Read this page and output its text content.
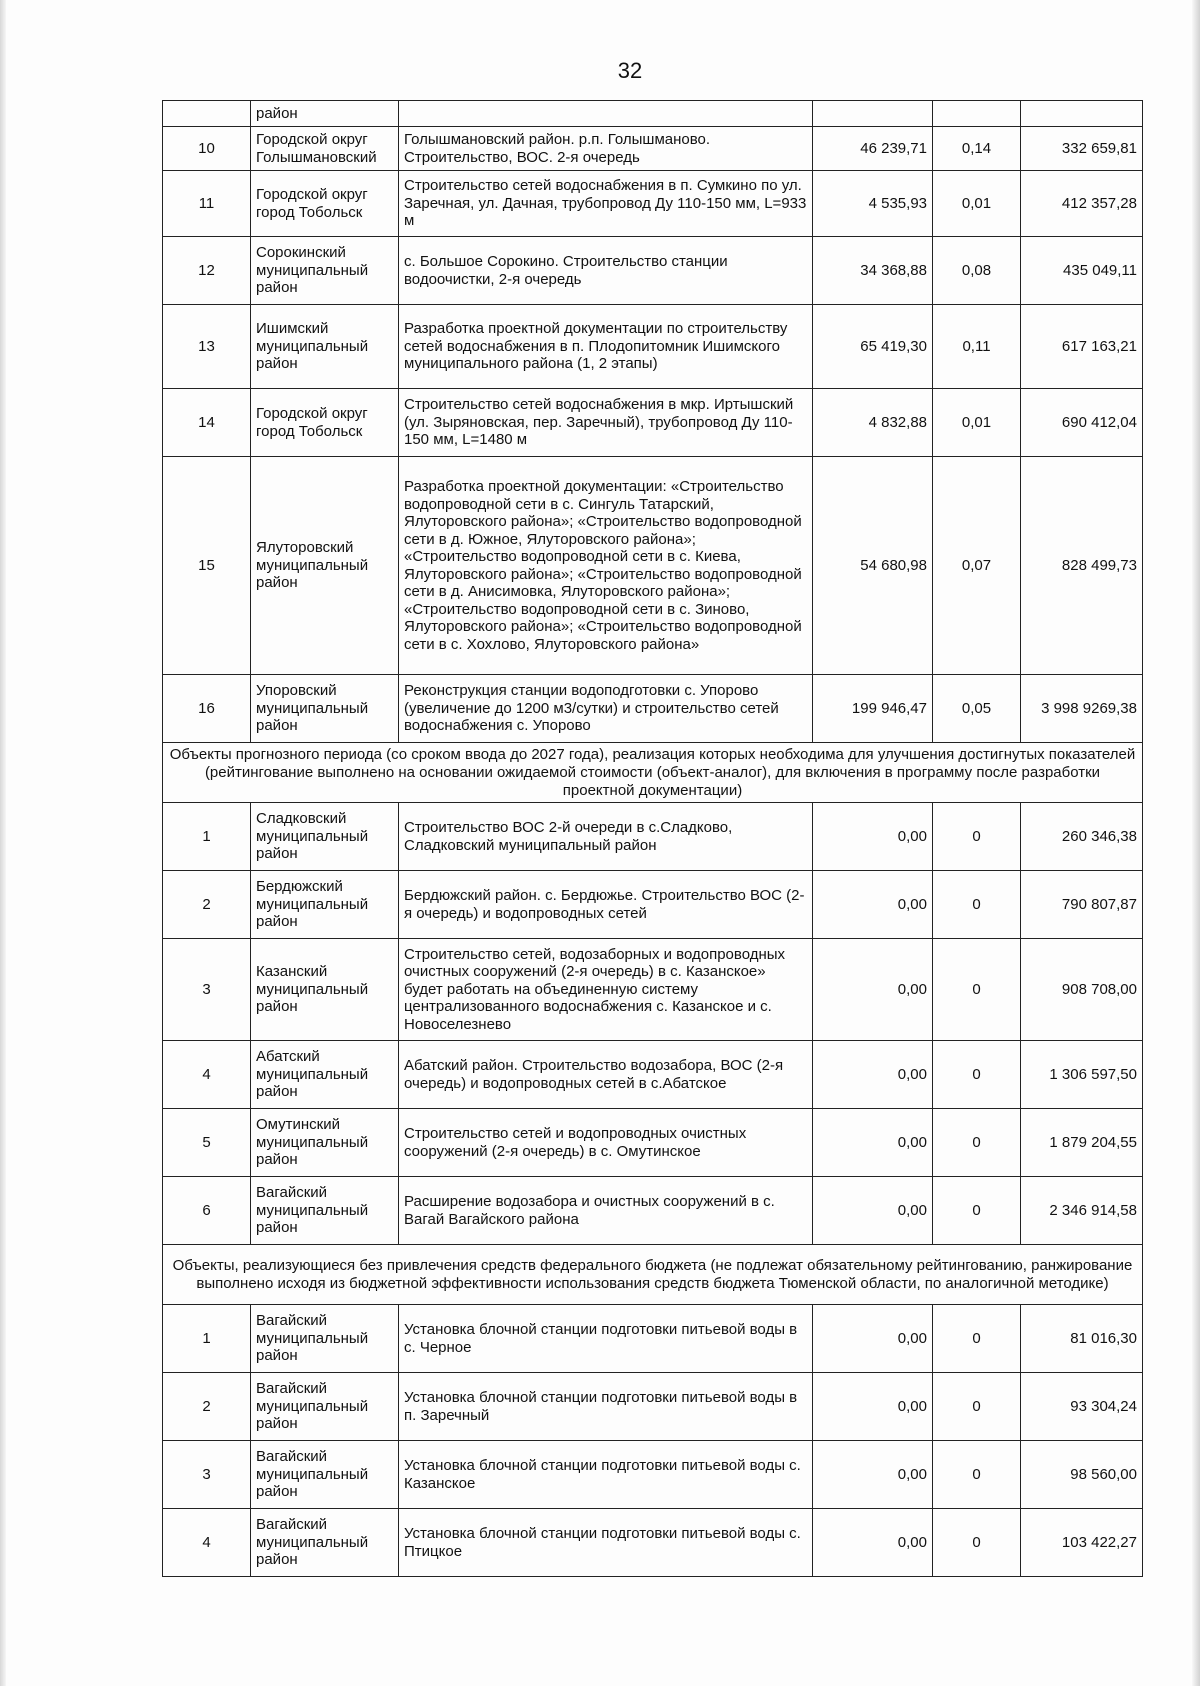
32
	район				
10	Городской округ Голышмановский	Голышмановский район. р.п. Голышманово. Строительство, ВОС. 2-я очередь	46 239,71	0,14	332 659,81
11	Городской округ город Тобольск	Строительство сетей водоснабжения в п. Сумкино по ул. Заречная, ул. Дачная, трубопровод Ду 110-150 мм, L=933 м	4 535,93	0,01	412 357,28
12	Сорокинский муниципальный район	с. Большое Сорокино. Строительство станции водоочистки, 2-я очередь	34 368,88	0,08	435 049,11
13	Ишимский муниципальный район	Разработка проектной документации по строительству сетей водоснабжения в п. Плодопитомник Ишимского муниципального района (1, 2 этапы)	65 419,30	0,11	617 163,21
14	Городской округ город Тобольск	Строительство сетей водоснабжения в мкр. Иртышский (ул. Зыряновская, пер. Заречный), трубопровод Ду 110-150 мм, L=1480 м	4 832,88	0,01	690 412,04
15	Ялуторовский муниципальный район	Разработка проектной документации: «Строительство водопроводной сети в с. Сингуль Татарский, Ялуторовского района»; «Строительство водопроводной сети в д. Южное, Ялуторовского района»; «Строительство водопроводной сети в с. Киева, Ялуторовского района»; «Строительство водопроводной сети в д. Анисимовка, Ялуторовского района»; «Строительство водопроводной сети в с. Зиново, Ялуторовского района»; «Строительство водопроводной сети в с. Хохлово, Ялуторовского района»	54 680,98	0,07	828 499,73
16	Упоровский муниципальный район	Реконструкция станции водоподготовки с. Упорово (увеличение до 1200 м3/сутки) и строительство сетей водоснабжения с. Упорово	199 946,47	0,05	3 998 9269,38
Объекты прогнозного периода (со сроком ввода до 2027 года), реализация которых необходима для улучшения достигнутых показателей (рейтингование выполнено на основании ожидаемой стоимости (объект-аналог), для включения в программу после разработки проектной документации)					
1	Сладковский муниципальный район	Строительство ВОС 2-й очереди в с.Сладково, Сладковский муниципальный район	0,00	0	260 346,38
2	Бердюжский муниципальный район	Бердюжский район. с. Бердюжье. Строительство ВОС (2-я очередь) и водопроводных сетей	0,00	0	790 807,87
3	Казанский муниципальный район	Строительство сетей, водозаборных и водопроводных очистных сооружений (2-я очередь) в с. Казанское» будет работать на объединенную систему централизованного водоснабжения с. Казанское и с. Новоселезнево	0,00	0	908 708,00
4	Абатский муниципальный район	Абатский район. Строительство водозабора, ВОС (2-я очередь) и водопроводных сетей в с.Абатское	0,00	0	1 306 597,50
5	Омутинский муниципальный район	Строительство сетей и водопроводных очистных сооружений (2-я очередь) в с. Омутинское	0,00	0	1 879 204,55
6	Вагайский муниципальный район	Расширение водозабора и очистных сооружений в с. Вагай Вагайского района	0,00	0	2 346 914,58
Объекты, реализующиеся без привлечения средств федерального бюджета (не подлежат обязательному рейтингованию, ранжирование выполнено исходя из бюджетной эффективности использования средств бюджета Тюменской области, по аналогичной методике)					
1	Вагайский муниципальный район	Установка блочной станции подготовки питьевой воды в с. Черное	0,00	0	81 016,30
2	Вагайский муниципальный район	Установка блочной станции подготовки питьевой воды в п. Заречный	0,00	0	93 304,24
3	Вагайский муниципальный район	Установка блочной станции подготовки питьевой воды с. Казанское	0,00	0	98 560,00
4	Вагайский муниципальный район	Установка блочной станции подготовки питьевой воды с. Птицкое	0,00	0	103 422,27
